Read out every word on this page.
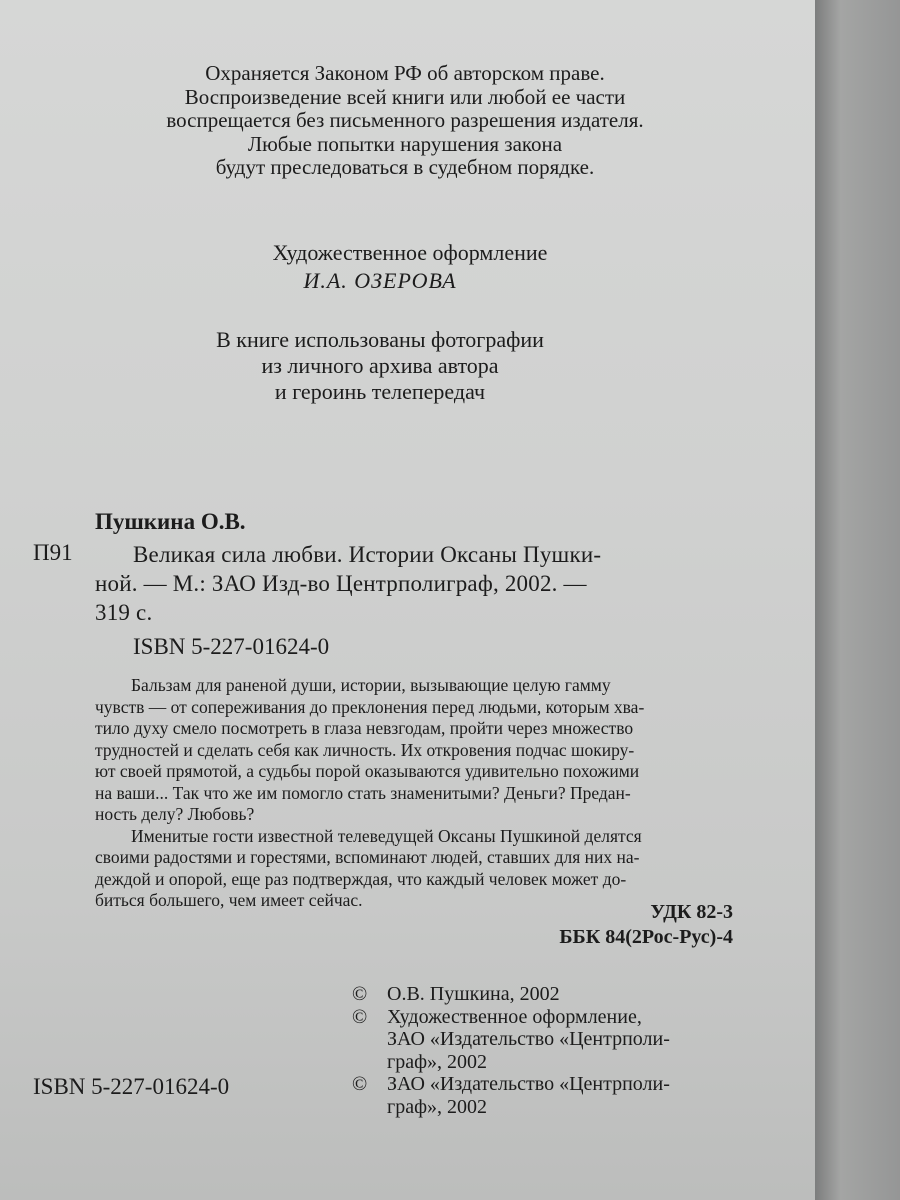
Охраняется Законом РФ об авторском праве.
Воспроизведение всей книги или любой ее части
воспрещается без письменного разрешения издателя.
Любые попытки нарушения закона
будут преследоваться в судебном порядке.
Художественное оформление
И.А. ОЗЕРОВА
В книге использованы фотографии
из личного архива автора
и героинь телепередач
Пушкина О.В.
П91	Великая сила любви. Истории Оксаны Пушки-
ной. — М.: ЗАО Изд-во Центрполиграф, 2002. —
319 с.
ISBN 5-227-01624-0
Бальзам для раненой души, истории, вызывающие целую гамму
чувств — от сопереживания до преклонения перед людьми, которым хва-
тило духу смело посмотреть в глаза невзгодам, пройти через множество
трудностей и сделать себя как личность. Их откровения подчас шокиру-
ют своей прямотой, а судьбы порой оказываются удивительно похожими
на ваши... Так что же им помогло стать знаменитыми? Деньги? Предан-
ность делу? Любовь?
Именитые гости известной телеведущей Оксаны Пушкиной делятся
своими радостями и горестями, вспоминают людей, ставших для них на-
деждой и опорой, еще раз подтверждая, что каждый человек может до-
биться большего, чем имеет сейчас.
УДК 82-3
ББК 84(2Рос-Рус)-4
© О.В. Пушкина, 2002
© Художественное оформление,
ЗАО «Издательство «Центрполи-
граф», 2002
© ЗАО «Издательство «Центрполи-
граф», 2002
ISBN 5-227-01624-0
